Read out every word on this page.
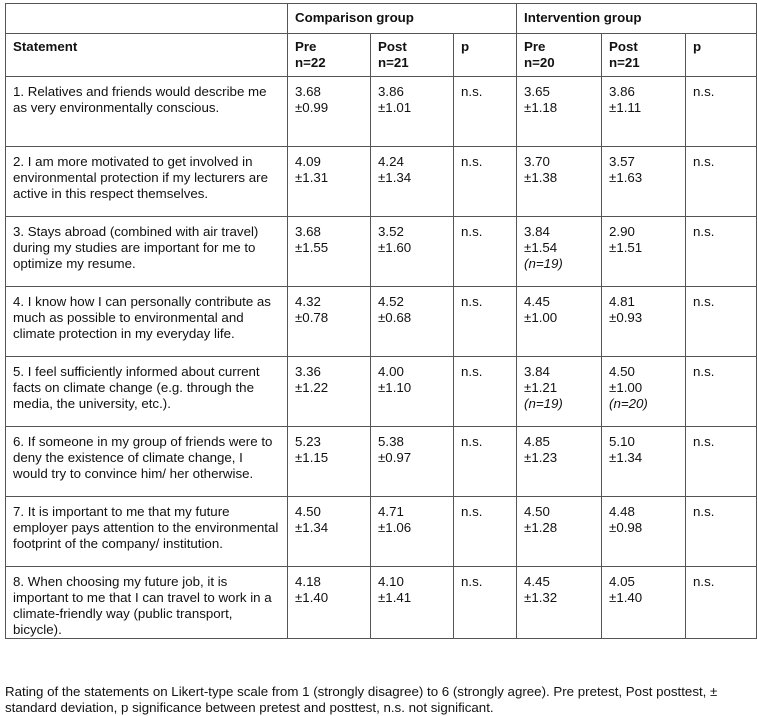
	Comparison group			Intervention group		
Statement	Pre
n=22	Post
n=21	p	Pre
n=20	Post
n=21	p

1. Relatives and friends would describe me as very environmentally conscious.	3.68
±0.99	3.86
±1.01	n.s.	3.65
±1.18	3.86
±1.11	n.s.

2. I am more motivated to get involved in environmental protection if my lecturers are active in this respect themselves.	4.09
±1.31	4.24
±1.34	n.s.	3.70
±1.38	3.57
±1.63	n.s.

3. Stays abroad (combined with air travel) during my studies are important for me to optimize my resume.	3.68
±1.55	3.52
±1.60	n.s.	3.84
±1.54
(n=19)	2.90
±1.51	n.s.

4. I know how I can personally contribute as much as possible to environmental and climate protection in my everyday life.	4.32
±0.78	4.52
±0.68	n.s.	4.45
±1.00	4.81
±0.93	n.s.

5. I feel sufficiently informed about current facts on climate change (e.g. through the media, the university, etc.).	3.36
±1.22	4.00
±1.10	n.s.	3.84
±1.21
(n=19)	4.50
±1.00
(n=20)	n.s.

6. If someone in my group of friends were to deny the existence of climate change, I would try to convince him/ her otherwise.	5.23
±1.15	5.38
±0.97	n.s.	4.85
±1.23	5.10
±1.34	n.s.

7. It is important to me that my future employer pays attention to the environmental footprint of the company/ institution.	4.50
±1.34	4.71
±1.06	n.s.	4.50
±1.28	4.48
±0.98	n.s.

8. When choosing my future job, it is important to me that I can travel to work in a climate-friendly way (public transport, bicycle).	4.18
±1.40	4.10
±1.41	n.s.	4.45
±1.32	4.05
±1.40	n.s.

Rating of the statements on Likert-type scale from 1 (strongly disagree) to 6 (strongly agree). Pre pretest, Post posttest, ± standard deviation, p significance between pretest and posttest, n.s. not significant.
